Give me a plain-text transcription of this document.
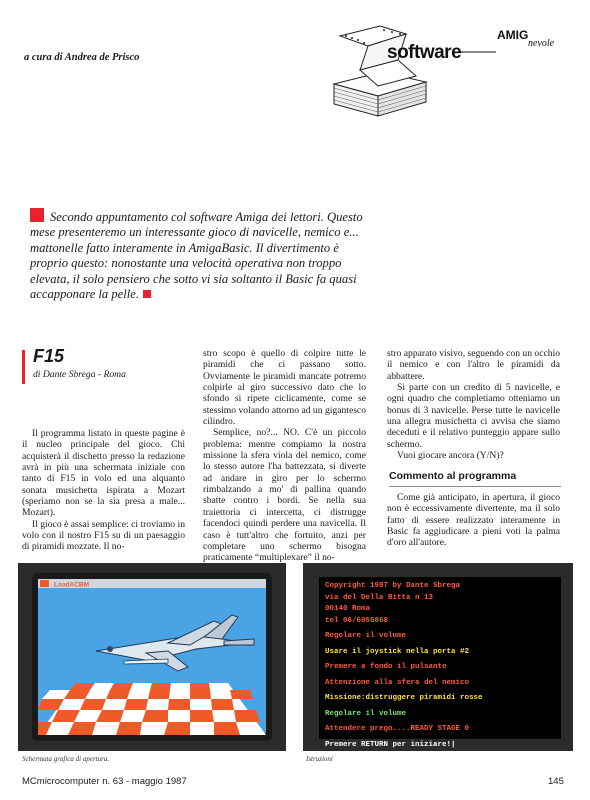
a cura di Andrea de Prisco	software
AMIG
nevole
Secondo appuntamento col software Amiga dei lettori. Questo mese presenteremo un interessante gioco di navicelle, nemico e... mattonelle fatto interamente in AmigaBasic. Il divertimento è proprio questo: nonostante una velocità operativa non troppo elevata, il solo pensiero che sotto vi sia soltanto il Basic fa quasi accapponare la pelle.
F15
di Dante Sbrega - Roma

Il programma listato in queste pagine è il nucleo principale del gioco. Chi acquisterà il dischetto presso la redazione avrà in più una schermata iniziale con tanto di F15 in volo ed una alquanto sonata musichetta ispirata a Mozart (speriamo non se la sia presa a male... Mozart).

Il gioco è assai semplice: ci troviamo in volo con il nostro F15 su di un paesaggio di piramidi mozzate. Il no-

stro scopo è quello di colpire tutte le piramidi che ci passano sotto. Ovviamente le piramidi mancate potremo colpirle al giro successivo dato che lo sfondo si ripete ciclicamente, come se stessimo volando attorno ad un gigantesco cilindro.

Semplice, no?... NO. C'è un piccolo problema: mentre compiamo la nostra missione la sfera viola del nemico, come lo stesso autore l'ha battezzata, si diverte ad andare in giro per lo schermo rimbalzando a mo' di pallina quando sbatte contro i bordi. Se nella sua traiettoria ci intercetta, ci distrugge facendoci quindi perdere una navicella. Il caso è tutt'altro che fortuito, anzi per completare uno schermo bisogna praticamente “multiplexare” il no-

stro apparato visivo, seguendo con un occhio il nemico e con l'altro le piramidi da abbattere.

Si parte con un credito di 5 navicelle, e ogni quadro che completiamo otteniamo un bonus di 3 navicelle. Perse tutte le navicelle una allegra musichetta ci avvisa che siamo deceduti e il relativo punteggio appare sullo schermo.

Vuoi giocare ancora (Y/N)?

Commento al programma

Come già anticipato, in apertura, il gioco non è eccessivamente divertente, ma il solo fatto di essere realizzato interamente in Basic fa aggiudicare a pieni voti la palma d'oro all'autore.

LoadACBM
Schermata grafica di apertura.
Copyright 1987 by Dante Sbrega
via del Della Bitta n 13
00140 Roma
tel 06/6055868
Regolare il volume
Usare il joystick nella porta #2
Premere a fondo il pulsante
Attenzione alla sfera del nemico
Missione:distruggere piramidi rosse
Regolare il volume
Attendere prego....READY STAGE 0
Premere RETURN per iniziare!|
Istruzioni
MCmicrocomputer n. 63 - maggio 1987	145
